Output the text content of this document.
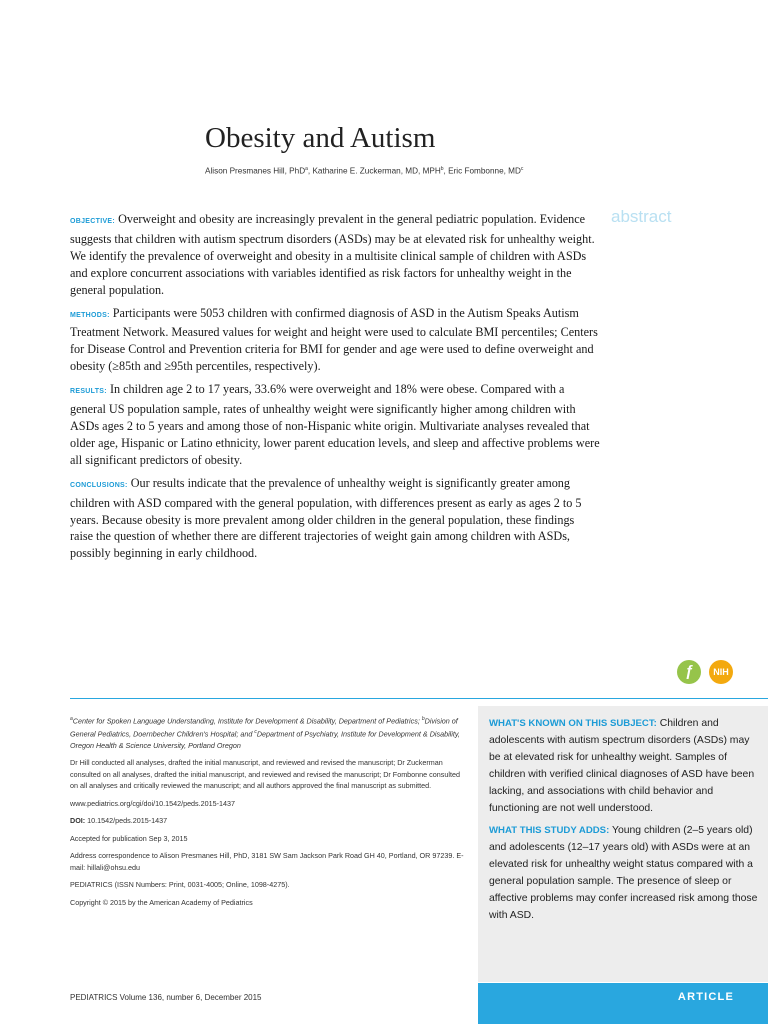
Obesity and Autism
Alison Presmanes Hill, PhD$^a$, Katharine E. Zuckerman, MD, MPH$^b$, Eric Fombonne, $MD^c$
abstract

OBJECTIVE: Overweight and obesity are increasingly prevalent in the general pediatric population. Evidence suggests that children with autism spectrum disorders (ASDs) may be at elevated risk for unhealthy weight. We identify the prevalence of overweight and obesity in a multisite clinical sample of children with ASDs and explore concurrent associations with variables identified as risk factors for unhealthy weight in the general population.

METHODS: Participants were 5053 children with confirmed diagnosis of ASD in the Autism Speaks Autism Treatment Network. Measured values for weight and height were used to calculate BMI percentiles; Centers for Disease Control and Prevention criteria for BMI for gender and age were used to define overweight and obesity (≥85th and ≥95th percentiles, respectively).

RESULTS: In children age 2 to 17 years, 33.6% were overweight and 18% were obese. Compared with a general US population sample, rates of unhealthy weight were significantly higher among children with ASDs ages 2 to 5 years and among those of non-Hispanic white origin. Multivariate analyses revealed that older age, Hispanic or Latino ethnicity, lower parent education levels, and sleep and affective problems were all significant predictors of obesity.

CONCLUSIONS: Our results indicate that the prevalence of unhealthy weight is significantly greater among children with ASD compared with the general population, with differences present as early as ages 2 to 5 years. Because obesity is more prevalent among older children in the general population, these findings raise the question of whether there are different trajectories of weight gain among children with ASDs, possibly beginning in early childhood.

ƒ	NIH

$^a$Center for Spoken Language Understanding, Institute for Development & Disability, Department of Pediatrics; $^b$Division of General Pediatrics, Doernbecher Children's Hospital; and $^c$Department of Psychiatry, Institute for Development & Disability, Oregon Health & Science University, Portland Oregon

Dr Hill conducted all analyses, drafted the initial manuscript, and reviewed and revised the manuscript; Dr Zuckerman consulted on all analyses, drafted the initial manuscript, and reviewed and revised the manuscript; Dr Fombonne consulted on all analyses and critically reviewed the manuscript; and all authors approved the final manuscript as submitted.

www.pediatrics.org/cgi/doi/10.1542/peds.2015-1437

DOI: 10.1542/peds.2015-1437

Accepted for publication Sep 3, 2015

Address correspondence to Alison Presmanes Hill, PhD, 3181 SW Sam Jackson Park Road GH 40, Portland, OR 97239. E-mail: hillali@ohsu.edu

PEDIATRICS (ISSN Numbers: Print, 0031-4005; Online, 1098-4275).

Copyright © 2015 by the American Academy of Pediatrics

WHAT'S KNOWN ON THIS SUBJECT: Children and adolescents with autism spectrum disorders (ASDs) may be at elevated risk for unhealthy weight. Samples of children with verified clinical diagnoses of ASD have been lacking, and associations with child behavior and functioning are not well understood.

WHAT THIS STUDY ADDS: Young children (2–5 years old) and adolescents (12–17 years old) with ASDs were at an elevated risk for unhealthy weight status compared with a general population sample. The presence of sleep or affective problems may confer increased risk among those with ASD.

PEDIATRICS Volume 136, number 6, December 2015	ARTICLE
